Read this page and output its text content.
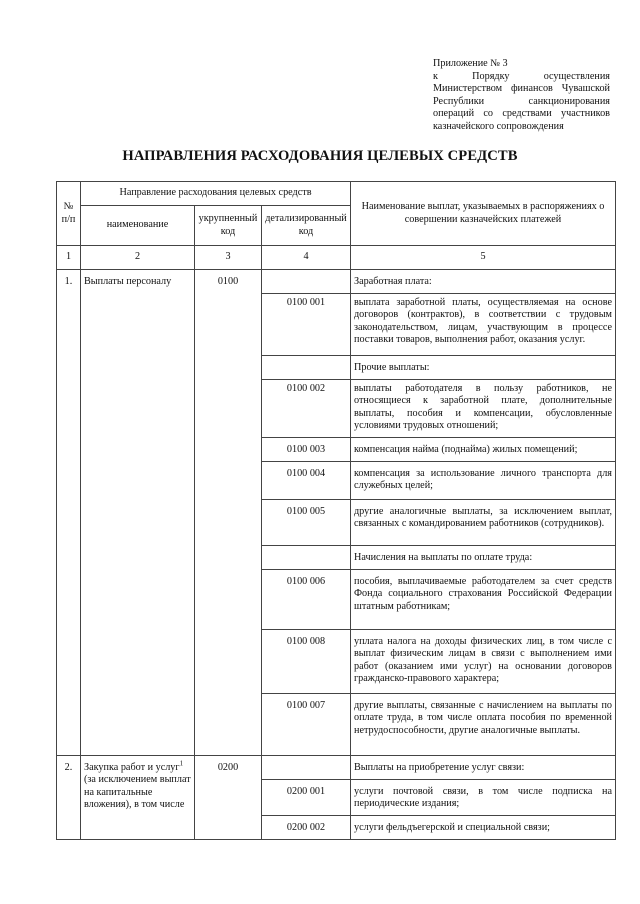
Приложение № 3
к Порядку осуществления
Министерством финансов Чувашской
Республики санкционирования
операций со средствами участников
казначейского сопровождения
НАПРАВЛЕНИЯ РАСХОДОВАНИЯ ЦЕЛЕВЫХ СРЕДСТВ
№ п/п	Направление расходования целевых средств			Наименование выплат, указываемых в распоряжениях о совершении казначейских платежей
	наименование	укрупненный код	детализированный код	
1	2	3	4	5
1.	Выплаты персоналу	0100		Заработная плата:
			0100 001	выплата заработной платы, осуществляемая на основе договоров (контрактов), в соответствии с трудовым законодательством, лицам, участвующим в процессе поставки товаров, выполнения работ, оказания услуг.
				Прочие выплаты:
			0100 002	выплаты работодателя в пользу работников, не относящиеся к заработной плате, дополнительные выплаты, пособия и компенсации, обусловленные условиями трудовых отношений;
			0100 003	компенсация найма (поднайма) жилых помещений;
			0100 004	компенсация за использование личного транспорта для служебных целей;
			0100 005	другие аналогичные выплаты, за исключением выплат, связанных с командированием работников (сотрудников).
				Начисления на выплаты по оплате труда:
			0100 006	пособия, выплачиваемые работодателем за счет средств Фонда социального страхования Российской Федерации штатным работникам;
			0100 008	уплата налога на доходы физических лиц, в том числе с выплат физическим лицам в связи с выполнением ими работ (оказанием ими услуг) на основании договоров гражданско-правового характера;
			0100 007	другие выплаты, связанные с начислением на выплаты по оплате труда, в том числе оплата пособия по временной нетрудоспособности, другие аналогичные выплаты.
2.	Закупка работ и услуг$^1$ (за исключением выплат на капитальные вложения), в том числе	0200		Выплаты на приобретение услуг связи:
			0200 001	услуги почтовой связи, в том числе подписка на периодические издания;
			0200 002	услуги фельдъегерской и специальной связи;
